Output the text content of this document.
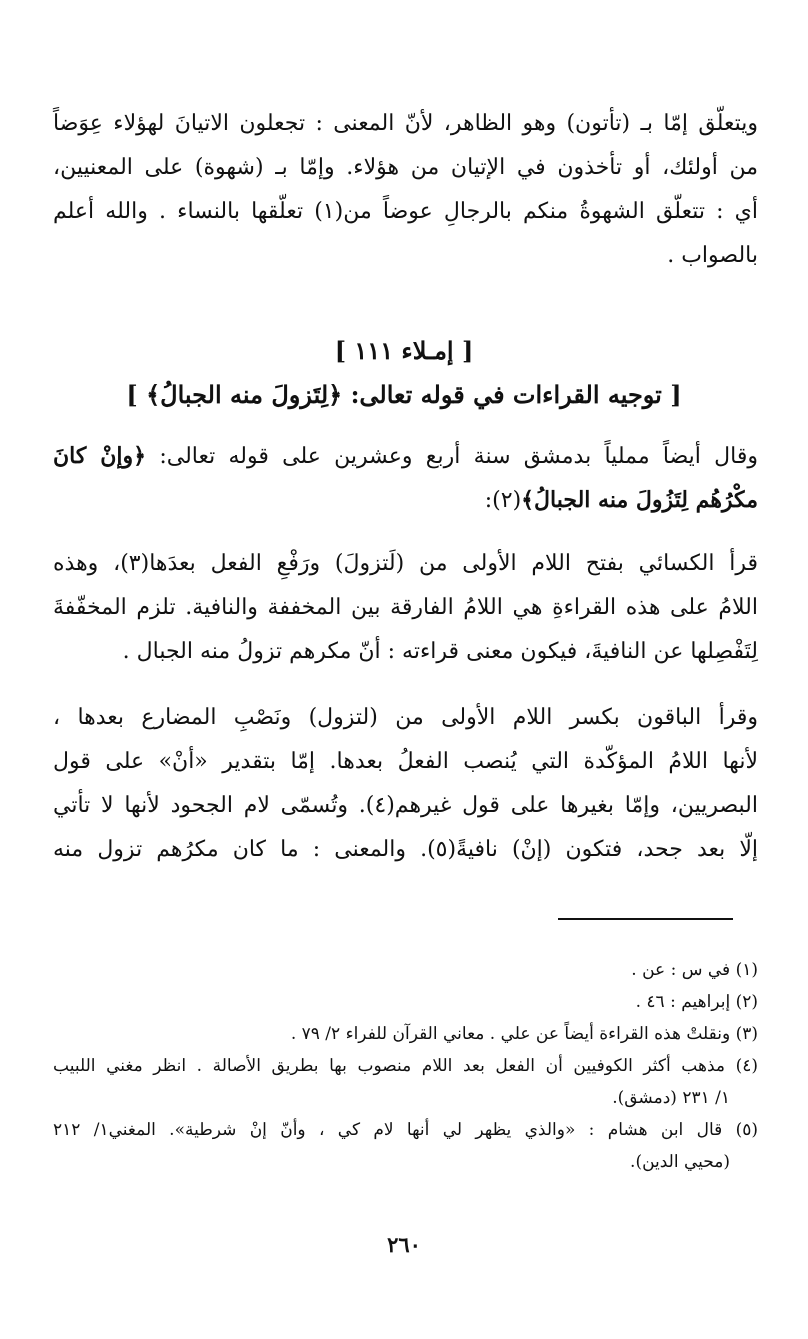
ويتعلّق إمّا بـ (تأتون) وهو الظاهر، لأنّ المعنى : تجعلون الاتيانَ لهؤلاء عِوَضاً
من أولئك، أو تأخذون في الإتيان من هؤلاء. وإمّا بـ (شهوة) على المعنيين،
أي : تتعلّق الشهوةُ منكم بالرجالِ عوضاً من(١) تعلّقها بالنساء . والله أعلم
بالصواب .
[ إمـلاء ١١١ ]
[ توجيه القراءات في قوله تعالى: ﴿لِتَزولَ منه الجبالُ﴾ ]
وقال أيضاً مملياً بدمشق سنة أربع وعشرين على قوله تعالى: ﴿وإنْ كانَ
مكْرُهُم لِتَزُولَ منه الجبالُ﴾(٢):
قرأ الكسائي بفتح اللام الأولى من (لَتزولَ) ورَفْعِ الفعل بعدَها(٣)، وهذه
اللامُ على هذه القراءةِ هي اللامُ الفارقة بين المخففة والنافية. تلزم المخفّفةَ
لِتَفْصِلها عن النافيةَ، فيكون معنى قراءته : أنّ مكرهم تزولُ منه الجبال .
وقرأ الباقون بكسر اللام الأولى من (لتزول) ونَصْبِ المضارع بعدها ،
لأنها اللامُ المؤكّدة التي يُنصب الفعلُ بعدها. إمّا بتقدير «أنْ» على قول
البصريين، وإمّا بغيرها على قول غيرهم(٤). وتُسمّى لام الجحود لأنها لا تأتي
إلّا بعد جحد، فتكون (إنْ) نافيةً(٥). والمعنى : ما كان مكرُهم تزول منه
(١) في س : عن .
(٢) إبراهيم : ٤٦ .
(٣) ونقلتْ هذه القراءة أيضاً عن علي . معاني القرآن للفراء ٢/ ٧٩ .
(٤) مذهب أكثر الكوفيين أن الفعل بعد اللام منصوب بها بطريق الأصالة . انظر مغني اللبيب
١/ ٢٣١ (دمشق).
(٥) قال ابن هشام : «والذي يظهر لي أنها لام كي ، وأنّ إنْ شرطية». المغني١/ ٢١٢
(محيي الدين).
٢٦٠
